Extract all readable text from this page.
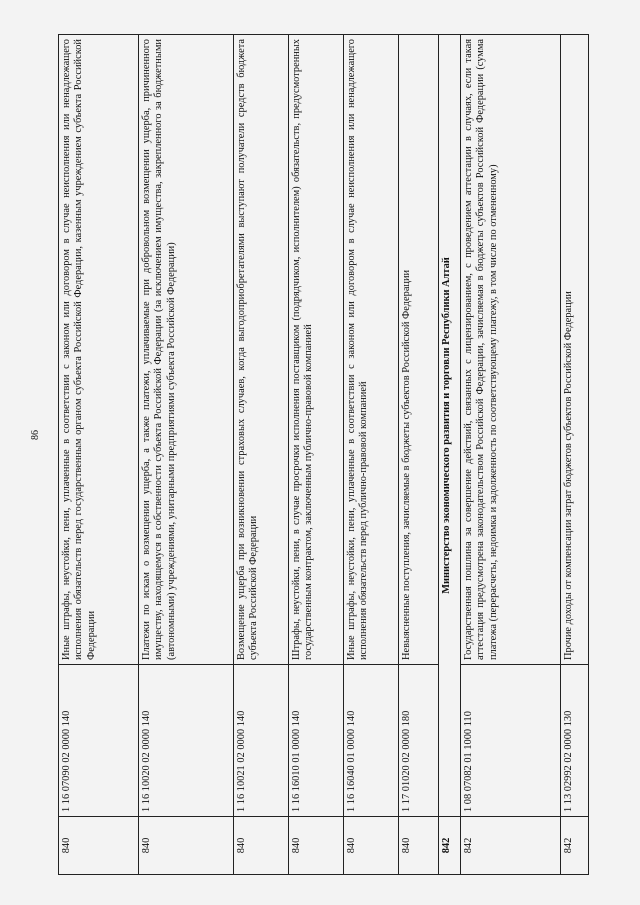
86
840	1 16 07090 02 0000 140	Иные штрафы, неустойки, пени, уплаченные в соответствии с законом или договором в случае неисполнения или ненадлежащего исполнения обязательств перед государственным органом субъекта Российской Федерации, казенным учреждением субъекта Российской Федерации
840	1 16 10020 02 0000 140	Платежи по искам о возмещении ущерба, а также платежи, уплачиваемые при добровольном возмещении ущерба, причиненного имуществу, находящемуся в собственности субъекта Российской Федерации (за исключением имущества, закрепленного за бюджетными (автономными) учреждениями, унитарными предприятиями субъекта Российской Федерации)
840	1 16 10021 02 0000 140	Возмещение ущерба при возникновении страховых случаев, когда выгодоприобретателями выступают получатели средств бюджета субъекта Российской Федерации
840	1 16 16010 01 0000 140	Штрафы, неустойки, пени, в случае просрочки исполнения поставщиком (подрядчиком, исполнителем) обязательств, предусмотренных государственным контрактом, заключенным публично-правовой компанией
840	1 16 16040 01 0000 140	Иные штрафы, неустойки, пени, уплаченные в соответствии с законом или договором в случае неисполнения или ненадлежащего исполнения обязательств перед публично-правовой компанией
840	1 17 01020 02 0000 180	Невыясненные поступления, зачисляемые в бюджеты субъектов Российской Федерации
842	Министерство экономического развития и торговли Республики Алтай	
842	1 08 07082 01 1000 110	Государственная пошлина за совершение действий, связанных с лицензированием, с проведением аттестации в случаях, если такая аттестация предусмотрена законодательством Российской Федерации, зачисляемая в бюджеты субъектов Российской Федерации (сумма платежа (перерасчеты, недоимка и задолженность по соответствующему платежу, в том числе по отмененному)
842	1 13 02992 02 0000 130	Прочие доходы от компенсации затрат бюджетов субъектов Российской Федерации
